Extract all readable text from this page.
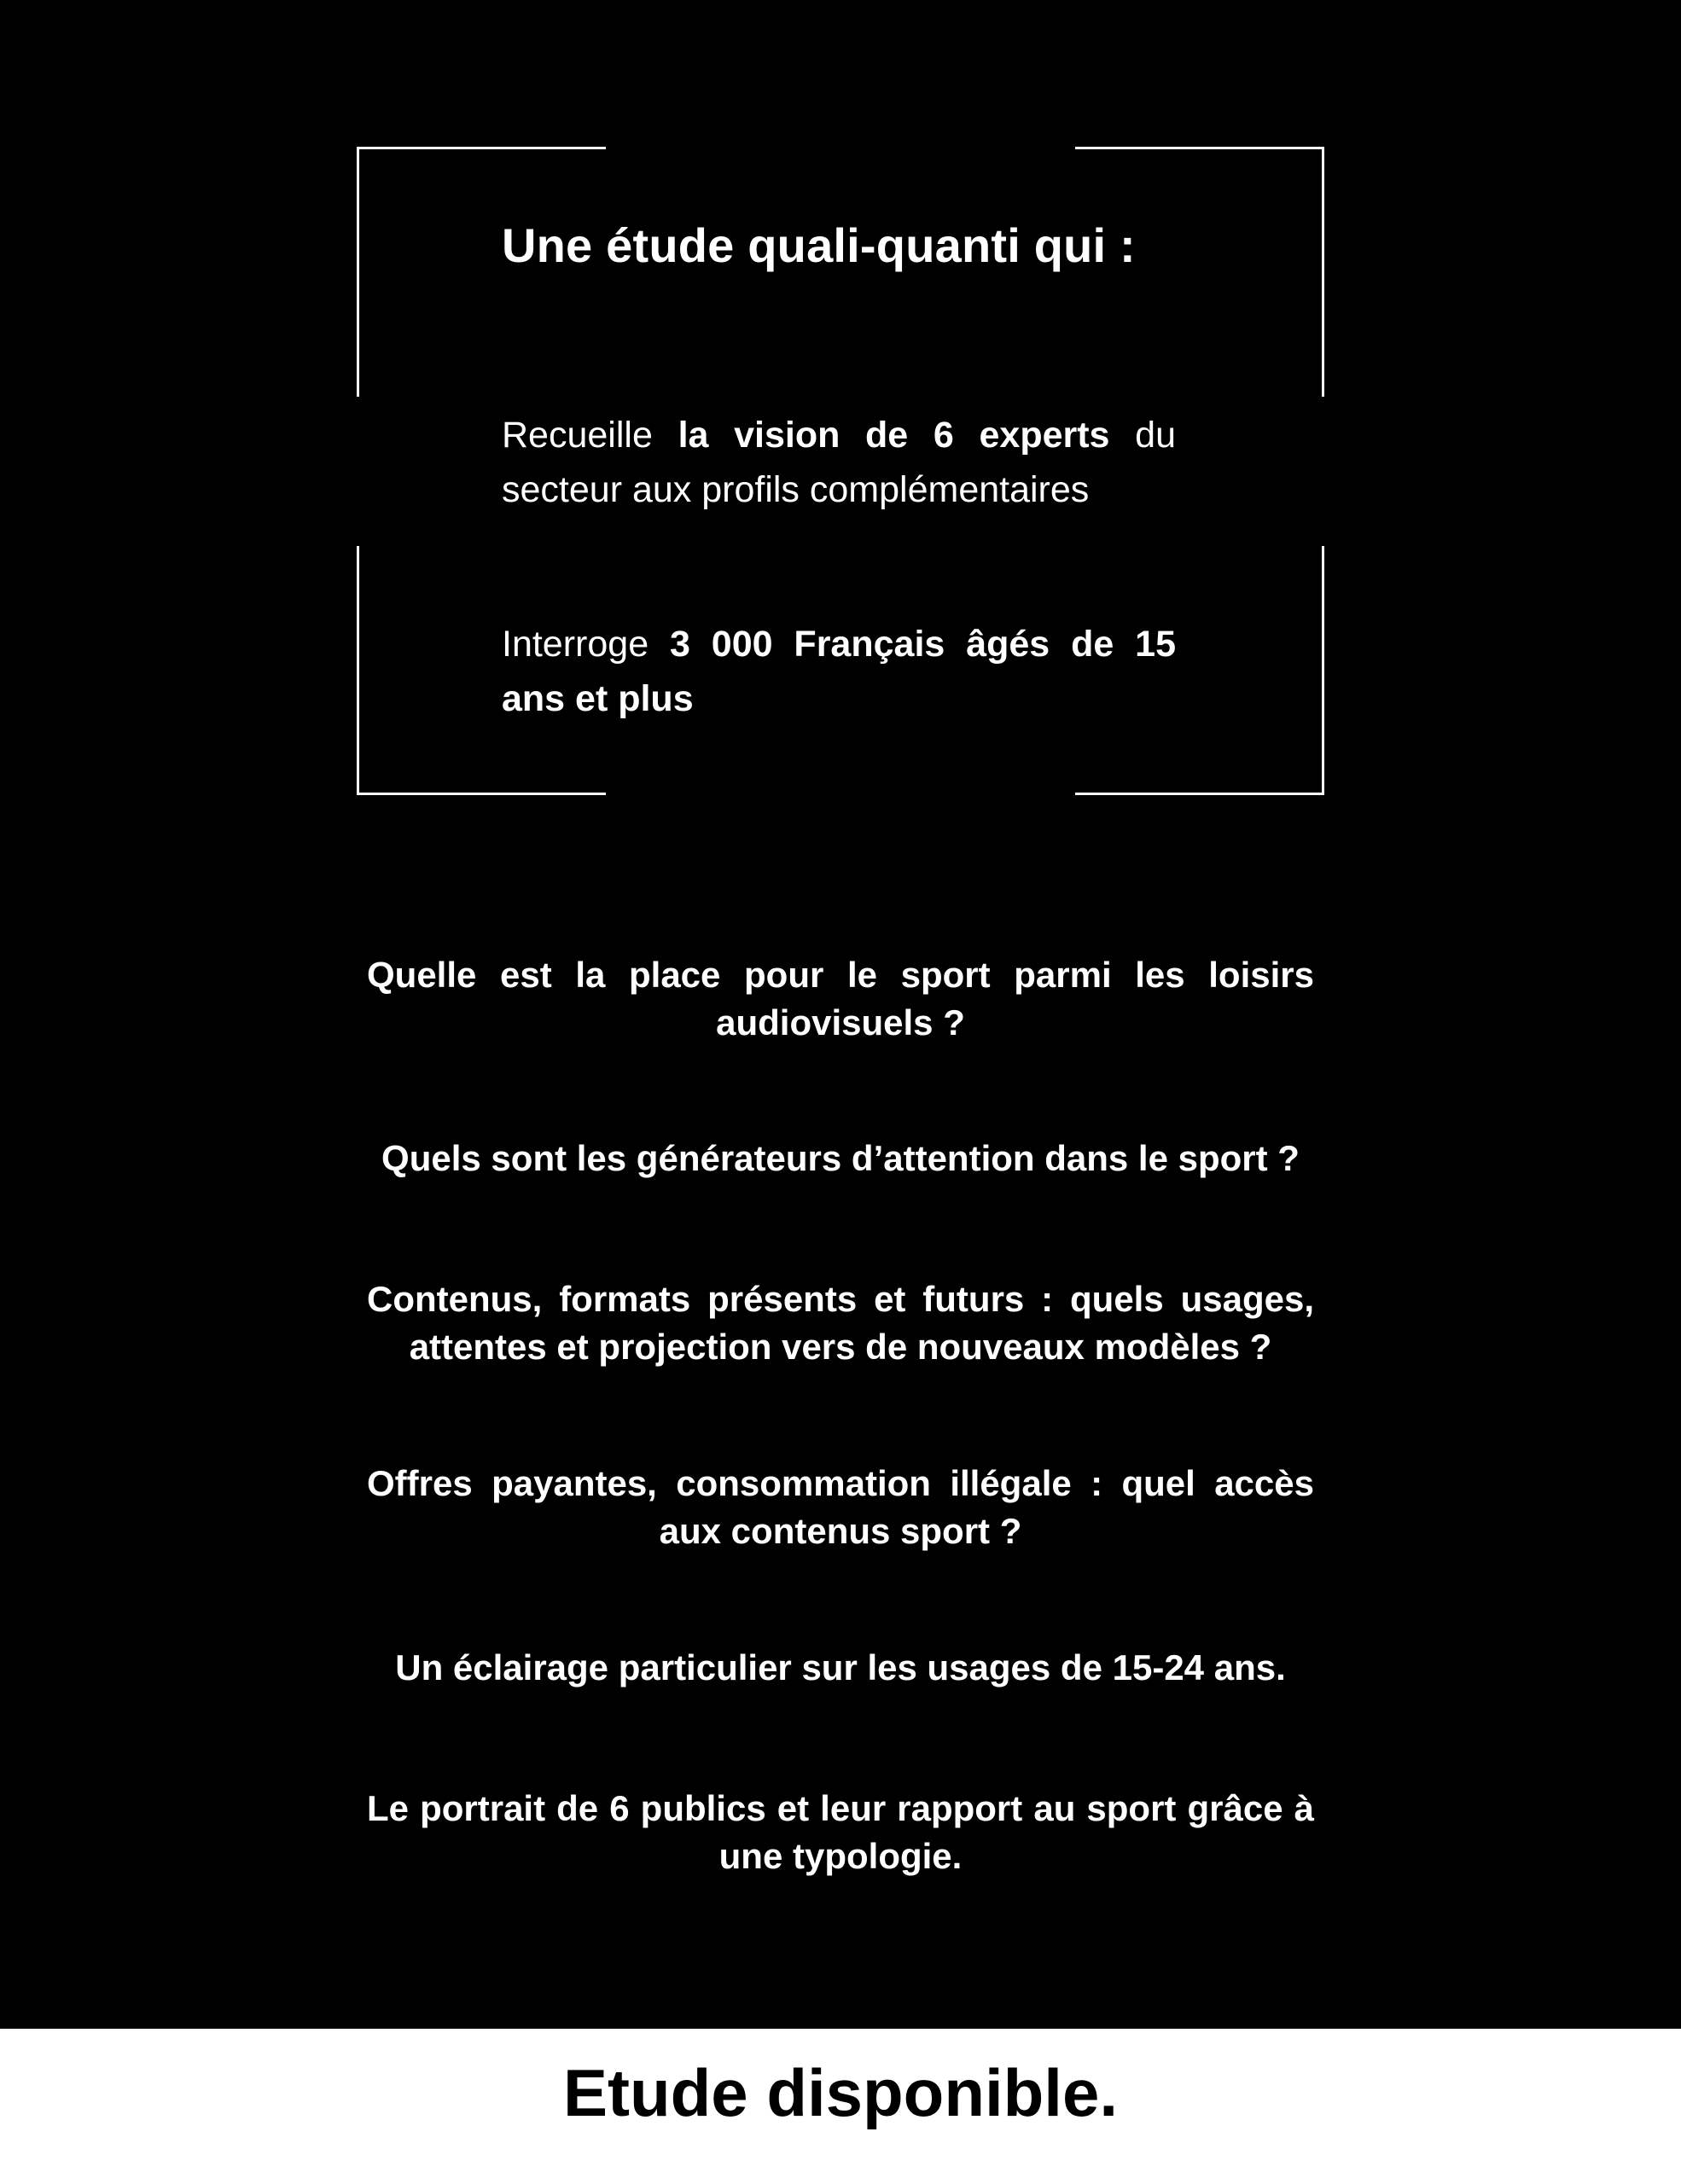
Une étude quali-quanti qui :
Recueille la vision de 6 experts du secteur aux profils complémentaires
Interroge 3 000 Français âgés de 15 ans et plus
Quelle est la place pour le sport parmi les loisirs audiovisuels ?
Quels sont les générateurs d’attention dans le sport ?
Contenus, formats présents et futurs : quels usages, attentes et projection vers de nouveaux modèles ?
Offres payantes, consommation illégale : quel accès aux contenus sport ?
Un éclairage particulier sur les usages de 15-24 ans.
Le portrait de 6 publics et leur rapport au sport grâce à une typologie.
Etude disponible.
